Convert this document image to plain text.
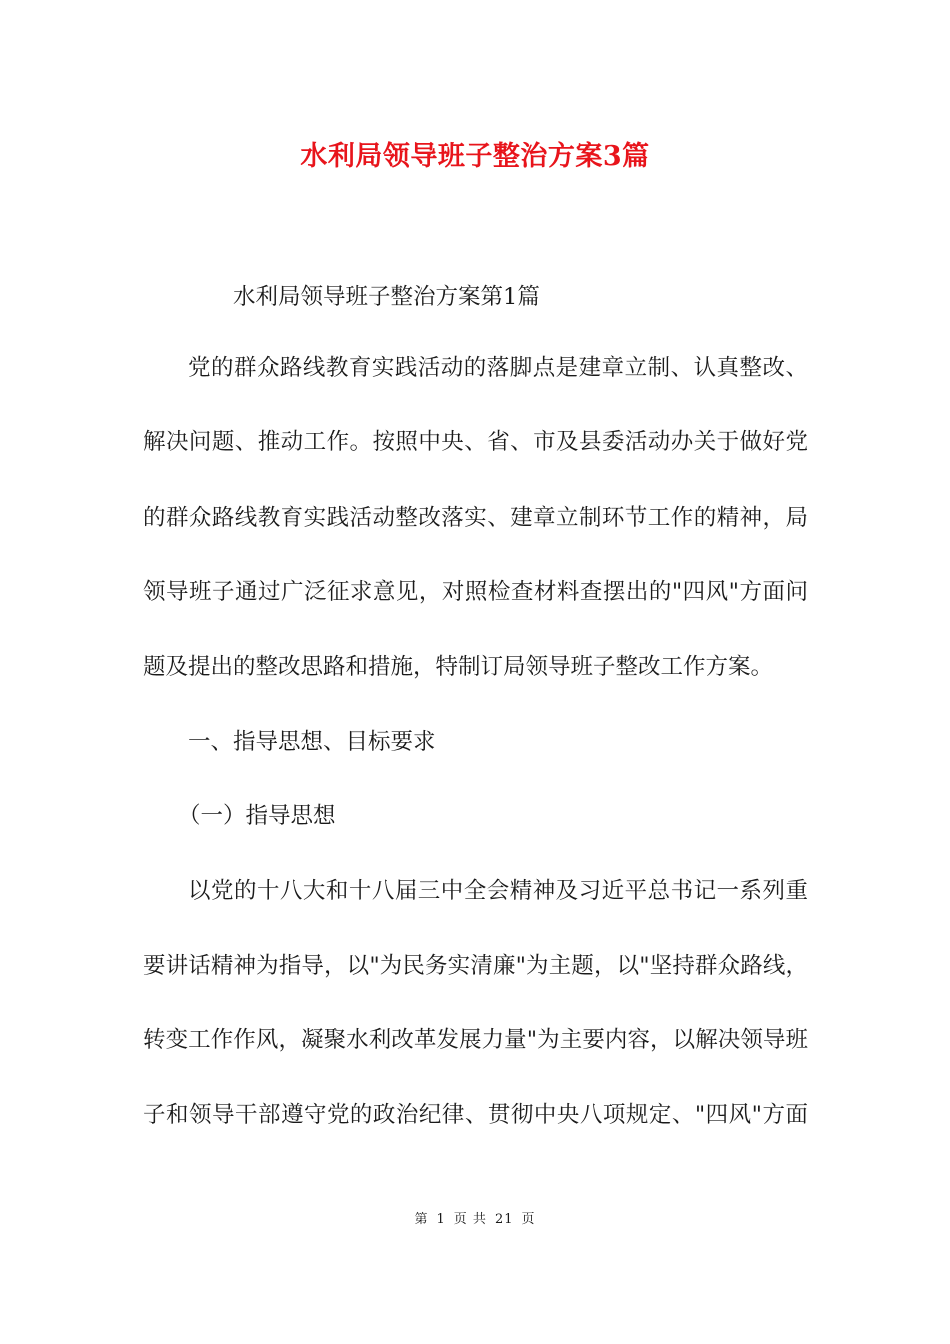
水利局领导班子整治方案3篇

水利局领导班子整治方案第1篇

党的群众路线教育实践活动的落脚点是建章立制、认真整改、

解决问题、推动工作。按照中央、省、市及县委活动办关于做好党

的群众路线教育实践活动整改落实、建章立制环节工作的精神，局

领导班子通过广泛征求意见，对照检查材料查摆出的"四风"方面问

题及提出的整改思路和措施，特制订局领导班子整改工作方案。

一、指导思想、目标要求

（一）指导思想

以党的十八大和十八届三中全会精神及习近平总书记一系列重

要讲话精神为指导，以"为民务实清廉"为主题，以"坚持群众路线，

转变工作作风，凝聚水利改革发展力量"为主要内容，以解决领导班

子和领导干部遵守党的政治纪律、贯彻中央八项规定、"四风"方面

第 1 页 共 21 页
